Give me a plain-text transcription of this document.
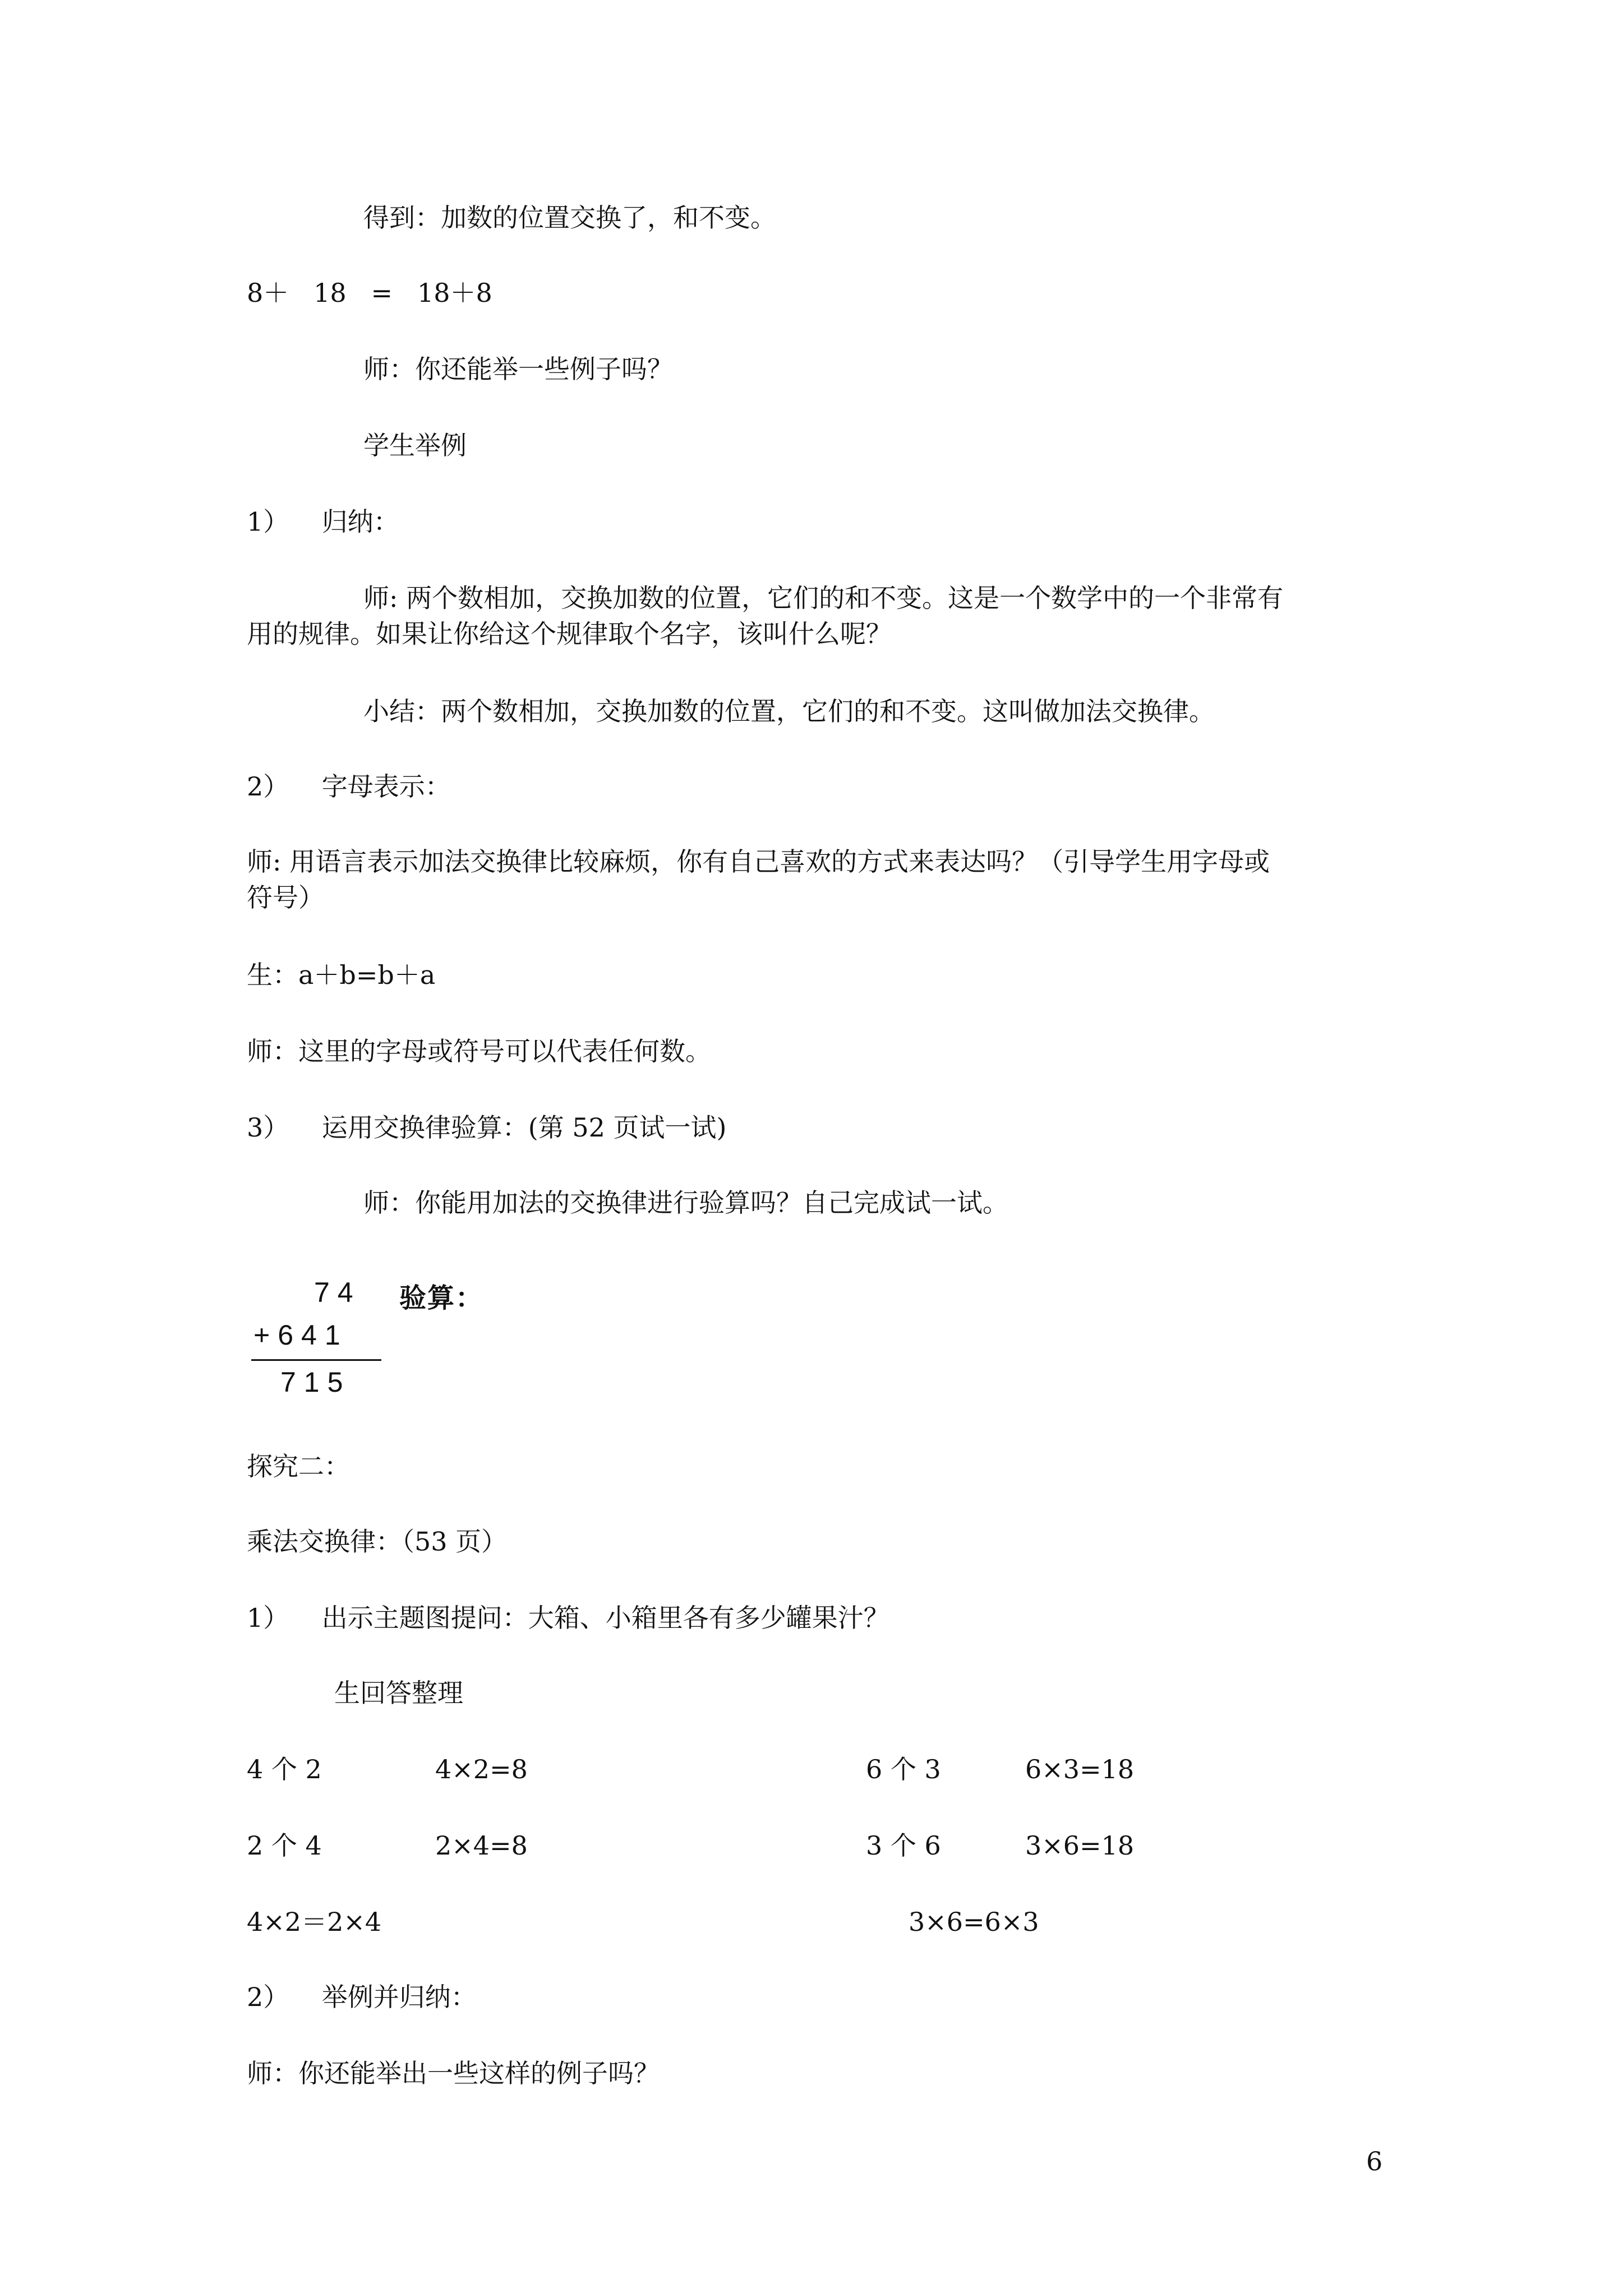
得到：加数的位置交换了，和不变。
8＋   18   =   18＋8
师：你还能举一些例子吗？
学生举例
1）    归纳：
师: 两个数相加，交换加数的位置，它们的和不变。这是一个数学中的一个非常有
用的规律。如果让你给这个规律取个名字，该叫什么呢？
小结：两个数相加，交换加数的位置，它们的和不变。这叫做加法交换律。
2）    字母表示：
师: 用语言表示加法交换律比较麻烦，你有自己喜欢的方式来表达吗？（引导学生用字母或
符号）
生：a＋b=b＋a
师：这里的字母或符号可以代表任何数。
3）    运用交换律验算：(第 52 页试一试)
师：你能用加法的交换律进行验算吗？自己完成试一试。
74 验算：
+641
715
探究二：
乘法交换律：（53 页）
1）    出示主题图提问：大箱、小箱里各有多少罐果汁？
生回答整理
4 个 2	4×2=8	6 个 3	6×3=18
2 个 4	2×4=8	3 个 6	3×6=18
4×2＝2×4	3×6=6×3
2）    举例并归纳：
师：你还能举出一些这样的例子吗？
6
